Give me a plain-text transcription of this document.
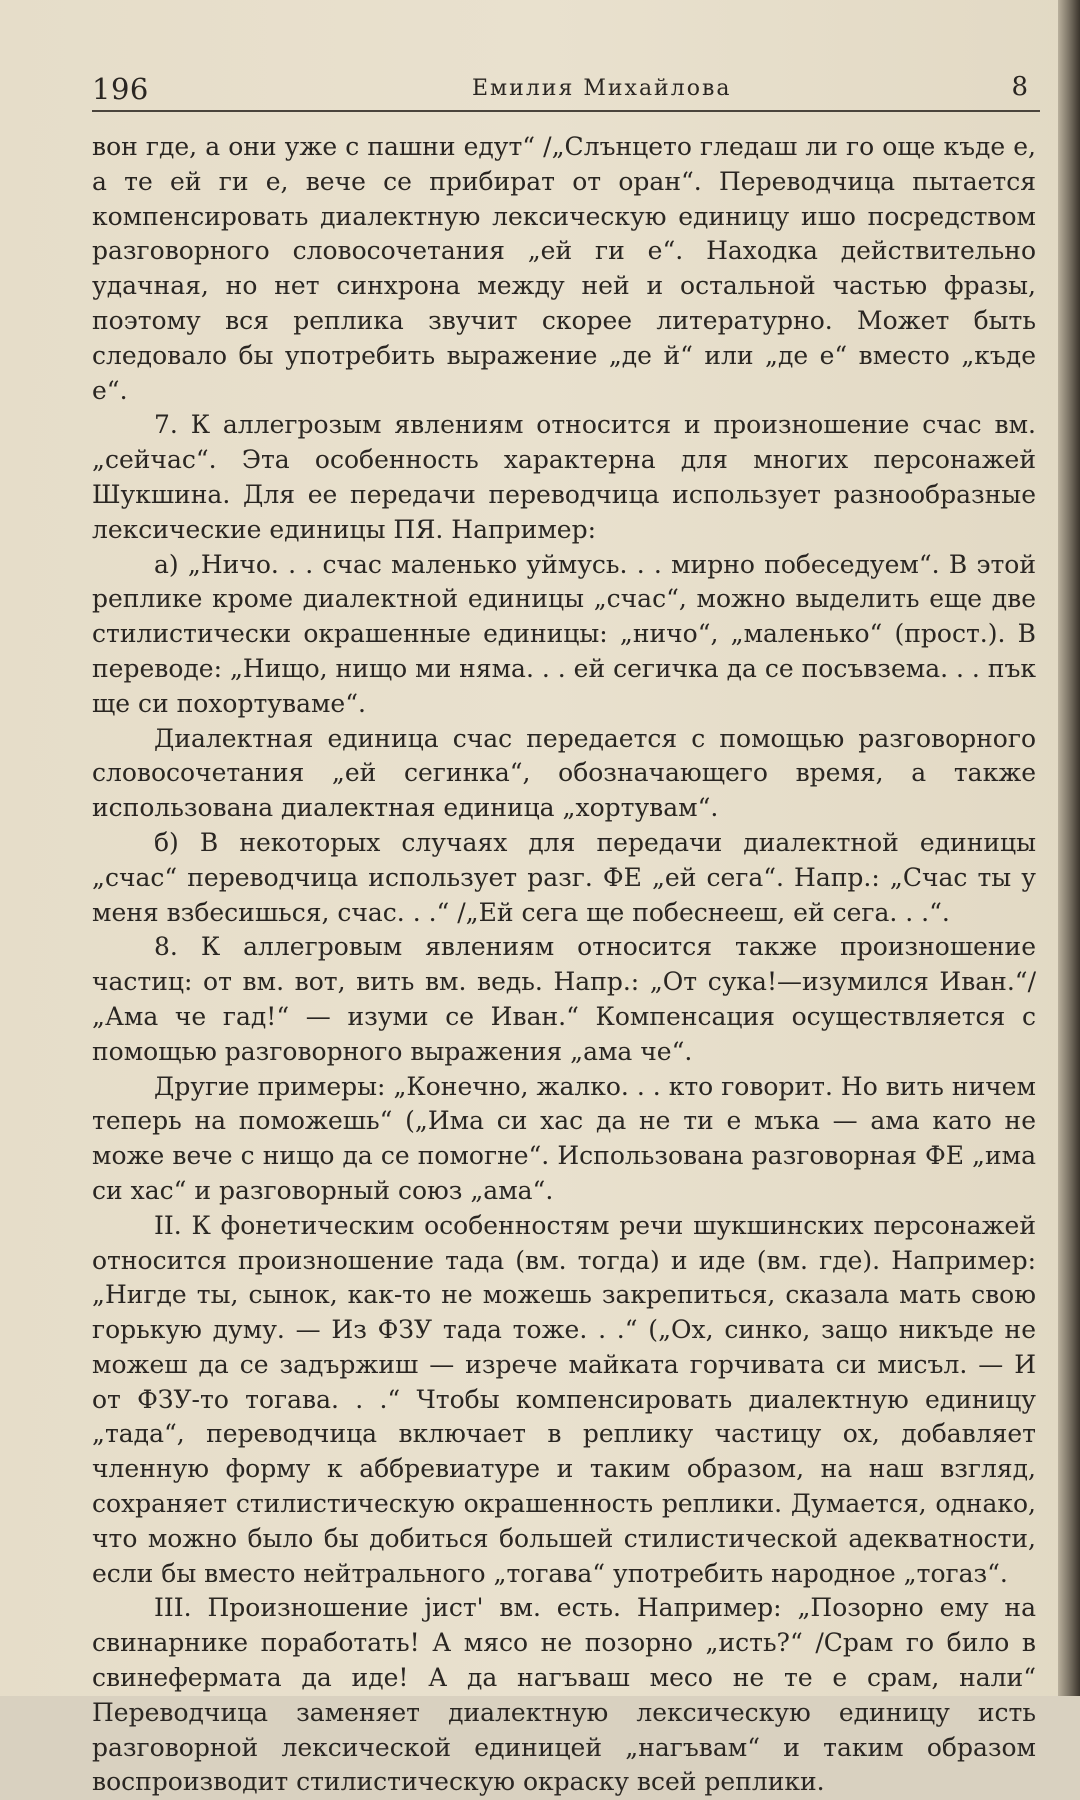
196	Емилия Михайлова	8

вон где, а они уже с пашни едут“ /„Слънцето гледаш ли го още къде е, а те ей ги е, вече се прибират от оран“. Переводчица пытается компенсировать диалектную лексическую единицу ишо посредством разговорного словосочетания „ей ги е“. Находка действительно удачная, но нет синхрона между ней и остальной частью фразы, поэтому вся реплика звучит скорее литературно. Может быть следовало бы употребить выражение „де й“ или „де е“ вместо „къде е“.

7. К аллегрозым явлениям относится и произношение счас вм. „сейчас“. Эта особенность характерна для многих персонажей Шукшина. Для ее передачи переводчица использует разнообразные лексические единицы ПЯ. Например:

а) „Ничо. . . счас маленько уймусь. . . мирно побеседуем“. В этой реплике кроме диалектной единицы „счас“, можно выделить еще две стилистически окрашенные единицы: „ничо“, „маленько“ (прост.). В переводе: „Нищо, нищо ми няма. . . ей сегичка да се посъвзема. . . пък ще си похортуваме“.

Диалектная единица счас передается с помощью разговорного словосочетания „ей сегинка“, обозначающего время, а также использована диалектная единица „хортувам“.

б) В некоторых случаях для передачи диалектной единицы „счас“ переводчица использует разг. ФЕ „ей сега“. Напр.: „Счас ты у меня взбесишься, счас. . .“ /„Ей сега ще побеснееш, ей сега. . .“.

8. К аллегровым явлениям относится также произношение частиц: от вм. вот, вить вм. ведь. Напр.: „От сука!—изумился Иван.“/ „Ама че гад!“ — изуми се Иван.“ Компенсация осуществляется с помощью разговорного выражения „ама че“.

Другие примеры: „Конечно, жалко. . . кто говорит. Но вить ничем теперь на поможешь“ („Има си хас да не ти е мъка — ама като не може вече с нищо да се помогне“. Использована разговорная ФЕ „има си хас“ и разговорный союз „ама“.

II. К фонетическим особенностям речи шукшинских персонажей относится произношение тада (вм. тогда) и иде (вм. где). Например: „Нигде ты, сынок, как-то не можешь закрепиться, сказала мать свою горькую думу. — Из ФЗУ тада тоже. . .“ („Ох, синко, защо никъде не можеш да се задържиш — изрече майката горчивата си мисъл. — И от ФЗУ-то тогава. . .“ Чтобы компенсировать диалектную единицу „тада“, переводчица включает в реплику частицу ох, добавляет членную форму к аббревиатуре и таким образом, на наш взгляд, сохраняет стилистическую окрашенность реплики. Думается, однако, что можно было бы добиться большей стилистической адекватности, если бы вместо нейтрального „тогава“ употребить народное „тогаз“.

III. Произношение jист' вм. есть. Например: „Позорно ему на свинарнике поработать! А мясо не позорно „исть?“ /Срам го било в свинефермата да иде! А да нагъваш месо не те е срам, нали“ Переводчица заменяет диалектную лексическую единицу исть разговорной лексической единицей „нагъвам“ и таким образом воспроизводит стилистическую окраску всей реплики.
